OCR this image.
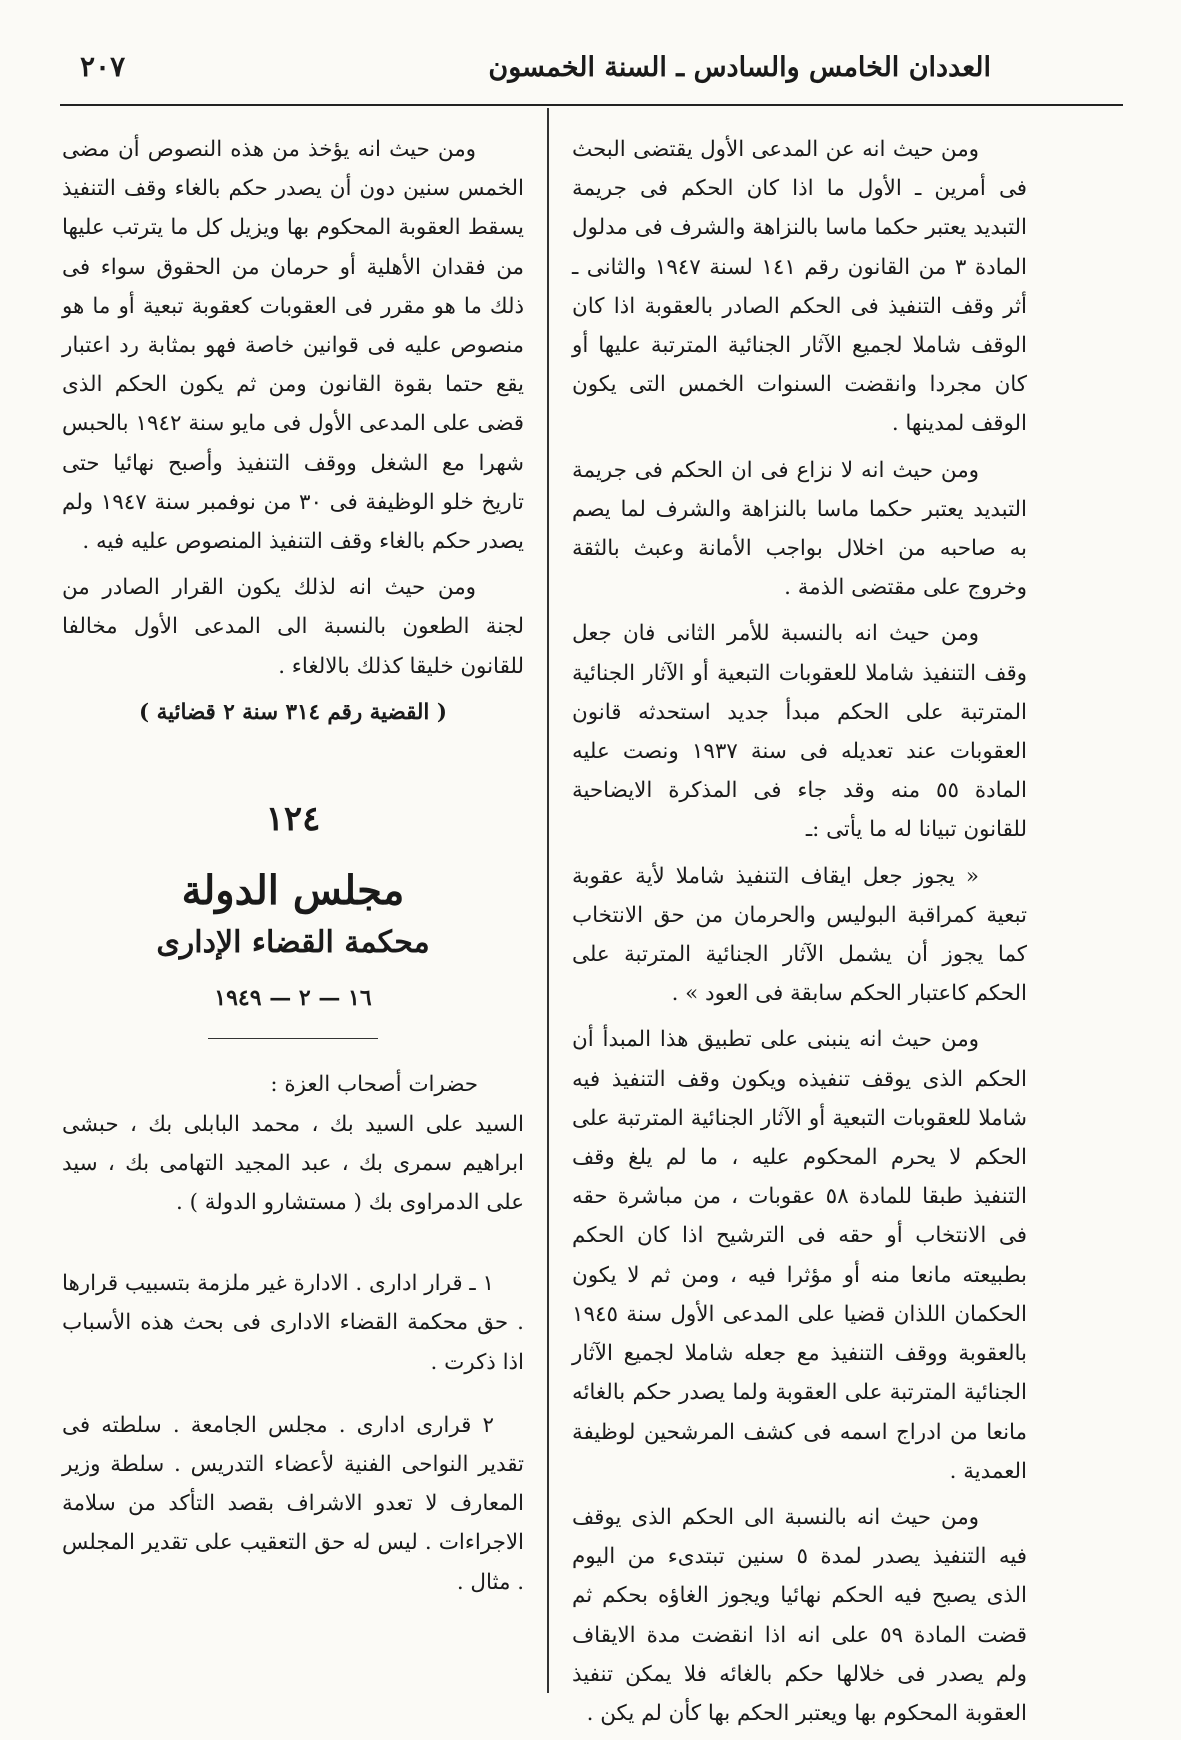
العددان الخامس والسادس ـ السنة الخمسون
٢٠٧

ومن حيث انه عن المدعى الأول يقتضى البحث فى أمرين ـ الأول ما اذا كان الحكم فى جريمة التبديد يعتبر حكما ماسا بالنزاهة والشرف فى مدلول المادة ٣ من القانون رقم ١٤١ لسنة ١٩٤٧ والثانى ـ أثر وقف التنفيذ فى الحكم الصادر بالعقوبة اذا كان الوقف شاملا لجميع الآثار الجنائية المترتبة عليها أو كان مجردا وانقضت السنوات الخمس التى يكون الوقف لمدينها .

ومن حيث انه لا نزاع فى ان الحكم فى جريمة التبديد يعتبر حكما ماسا بالنزاهة والشرف لما يصم به صاحبه من اخلال بواجب الأمانة وعبث بالثقة وخروج على مقتضى الذمة .

ومن حيث انه بالنسبة للأمر الثانى فان جعل وقف التنفيذ شاملا للعقوبات التبعية أو الآثار الجنائية المترتبة على الحكم مبدأ جديد استحدثه قانون العقوبات عند تعديله فى سنة ١٩٣٧ ونصت عليه المادة ٥٥ منه وقد جاء فى المذكرة الايضاحية للقانون تبيانا له ما يأتى :ـ

« يجوز جعل ايقاف التنفيذ شاملا لأية عقوبة تبعية كمراقبة البوليس والحرمان من حق الانتخاب كما يجوز أن يشمل الآثار الجنائية المترتبة على الحكم كاعتبار الحكم سابقة فى العود » .

ومن حيث انه ينبنى على تطبيق هذا المبدأ أن الحكم الذى يوقف تنفيذه ويكون وقف التنفيذ فيه شاملا للعقوبات التبعية أو الآثار الجنائية المترتبة على الحكم لا يحرم المحكوم عليه ، ما لم يلغ وقف التنفيذ طبقا للمادة ٥٨ عقوبات ، من مباشرة حقه فى الانتخاب أو حقه فى الترشيح اذا كان الحكم بطبيعته مانعا منه أو مؤثرا فيه ، ومن ثم لا يكون الحكمان اللذان قضيا على المدعى الأول سنة ١٩٤٥ بالعقوبة ووقف التنفيذ مع جعله شاملا لجميع الآثار الجنائية المترتبة على العقوبة ولما يصدر حكم بالغائه مانعا من ادراج اسمه فى كشف المرشحين لوظيفة العمدية .

ومن حيث انه بالنسبة الى الحكم الذى يوقف فيه التنفيذ يصدر لمدة ٥ سنين تبتدىء من اليوم الذى يصبح فيه الحكم نهائيا ويجوز الغاؤه بحكم ثم قضت المادة ٥٩ على انه اذا انقضت مدة الايقاف ولم يصدر فى خلالها حكم بالغائه فلا يمكن تنفيذ العقوبة المحكوم بها ويعتبر الحكم بها كأن لم يكن .

ومن حيث انه يؤخذ من هذه النصوص أن مضى الخمس سنين دون أن يصدر حكم بالغاء وقف التنفيذ يسقط العقوبة المحكوم بها ويزيل كل ما يترتب عليها من فقدان الأهلية أو حرمان من الحقوق سواء فى ذلك ما هو مقرر فى العقوبات كعقوبة تبعية أو ما هو منصوص عليه فى قوانين خاصة فهو بمثابة رد اعتبار يقع حتما بقوة القانون ومن ثم يكون الحكم الذى قضى على المدعى الأول فى مايو سنة ١٩٤٢ بالحبس شهرا مع الشغل ووقف التنفيذ وأصبح نهائيا حتى تاريخ خلو الوظيفة فى ٣٠ من نوفمبر سنة ١٩٤٧ ولم يصدر حكم بالغاء وقف التنفيذ المنصوص عليه فيه .

ومن حيث انه لذلك يكون القرار الصادر من لجنة الطعون بالنسبة الى المدعى الأول مخالفا للقانون خليقا كذلك بالالغاء .

( القضية رقم ٣١٤ سنة ٢ قضائية )

١٢٤
مجلس الدولة
محكمة القضاء الإدارى
١٦ — ٢ — ١٩٤٩

حضرات أصحاب العزة :

السيد على السيد بك ، محمد البابلى بك ، حبشى ابراهيم سمرى بك ، عبد المجيد التهامى بك ، سيد على الدمراوى بك ( مستشارو الدولة ) .

١ ـ قرار ادارى . الادارة غير ملزمة بتسبيب قرارها . حق محكمة القضاء الادارى فى بحث هذه الأسباب اذا ذكرت .

٢ قرارى ادارى . مجلس الجامعة . سلطته فى تقدير النواحى الفنية لأعضاء التدريس . سلطة وزير المعارف لا تعدو الاشراف بقصد التأكد من سلامة الاجراءات . ليس له حق التعقيب على تقدير المجلس . مثال .
